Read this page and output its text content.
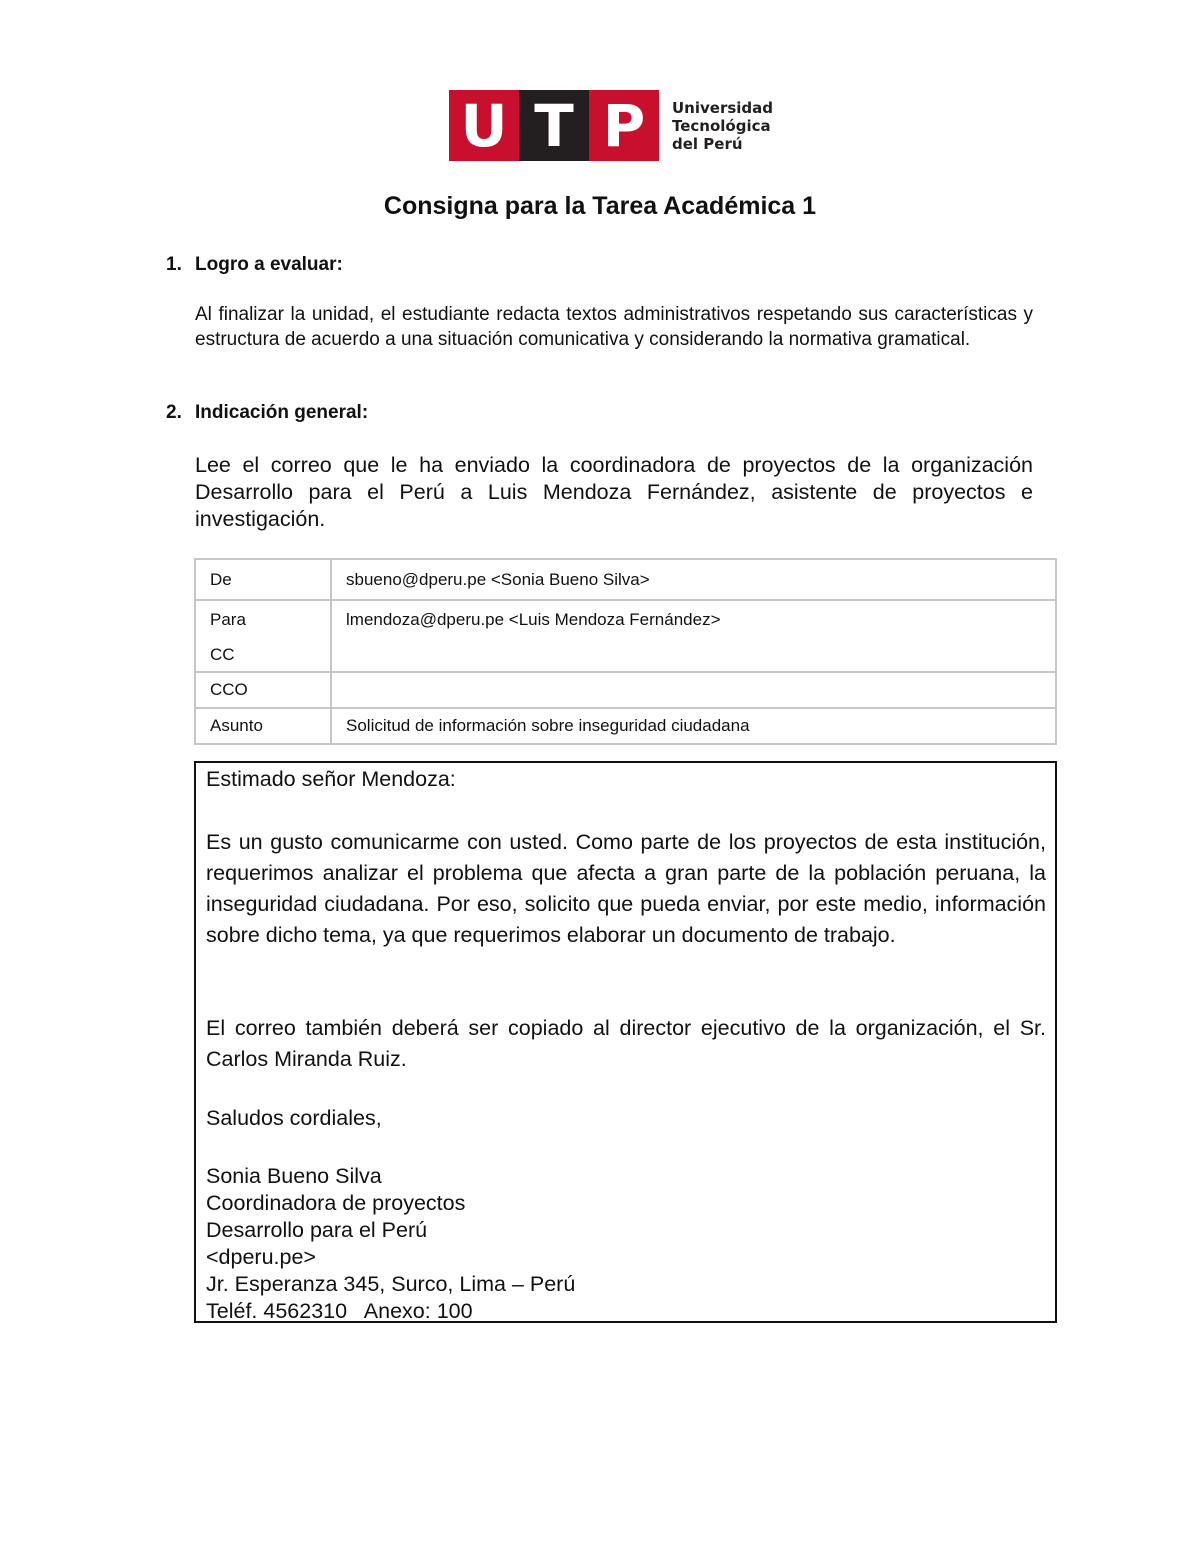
U T P	Universidad
Tecnológica
del Perú
Consigna para la Tarea Académica 1
1. Logro a evaluar:
Al finalizar la unidad, el estudiante redacta textos administrativos respetando sus características y estructura de acuerdo a una situación comunicativa y considerando la normativa gramatical.
2. Indicación general:
Lee el correo que le ha enviado la coordinadora de proyectos de la organización Desarrollo para el Perú a Luis Mendoza Fernández, asistente de proyectos e investigación.
De	sbueno@dperu.pe <Sonia Bueno Silva>
Para	lmendoza@dperu.pe <Luis Mendoza Fernández>
CC	
CCO	
Asunto	Solicitud de información sobre inseguridad ciudadana
Estimado señor Mendoza:
Es un gusto comunicarme con usted. Como parte de los proyectos de esta institución, requerimos analizar el problema que afecta a gran parte de la población peruana, la inseguridad ciudadana. Por eso, solicito que pueda enviar, por este medio, información sobre dicho tema, ya que requerimos elaborar un documento de trabajo.
El correo también deberá ser copiado al director ejecutivo de la organización, el Sr. Carlos Miranda Ruiz.
Saludos cordiales,
Sonia Bueno Silva
Coordinadora de proyectos
Desarrollo para el Perú
<dperu.pe>
Jr. Esperanza 345, Surco, Lima – Perú
Teléf. 4562310   Anexo: 100
